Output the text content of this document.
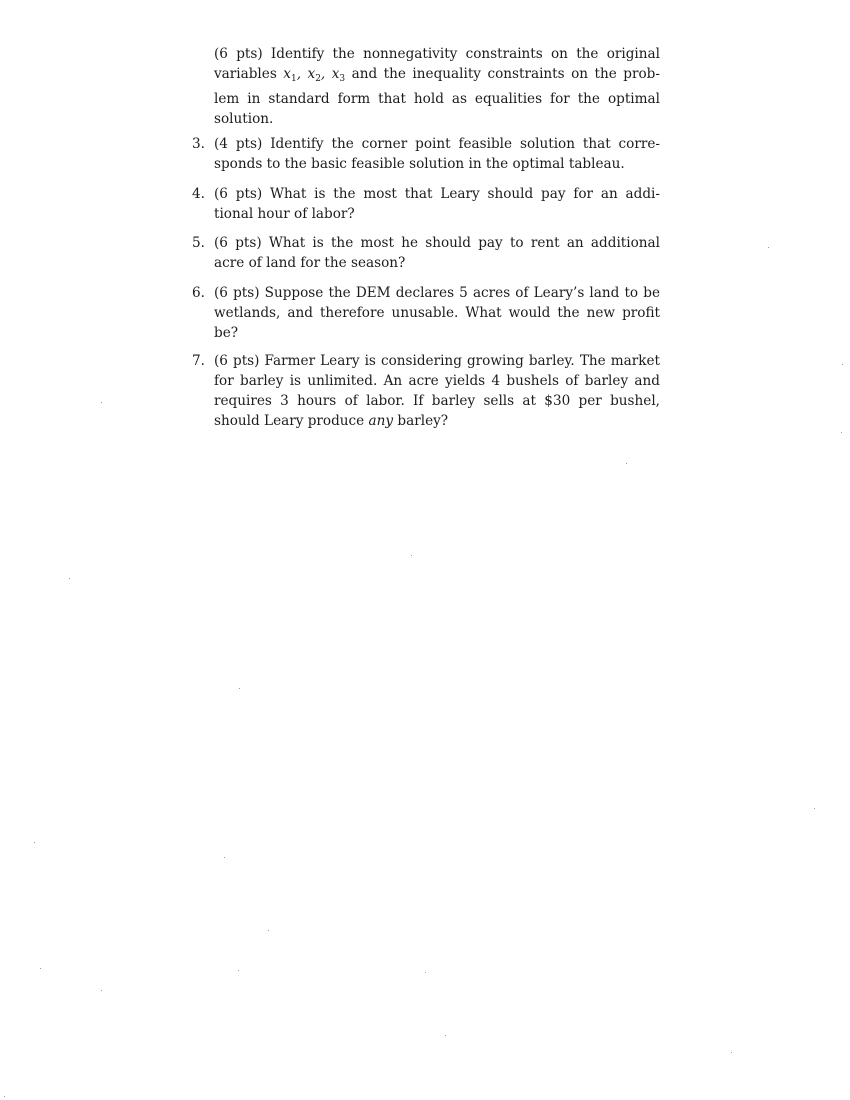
(6 pts) Identify the nonnegativity constraints on the original
variables $x_1$, $x_2$, $x_3$ and the inequality constraints on the prob-
lem in standard form that hold as equalities for the optimal
solution.
3. (4 pts) Identify the corner point feasible solution that corre-
sponds to the basic feasible solution in the optimal tableau.
4. (6 pts) What is the most that Leary should pay for an addi-
tional hour of labor?
5. (6 pts) What is the most he should pay to rent an additional
acre of land for the season?
6. (6 pts) Suppose the DEM declares 5 acres of Leary’s land to be
wetlands, and therefore unusable. What would the new profit
be?
7. (6 pts) Farmer Leary is considering growing barley. The market
for barley is unlimited. An acre yields 4 bushels of barley and
requires 3 hours of labor. If barley sells at $30 per bushel,
should Leary produce any barley?
